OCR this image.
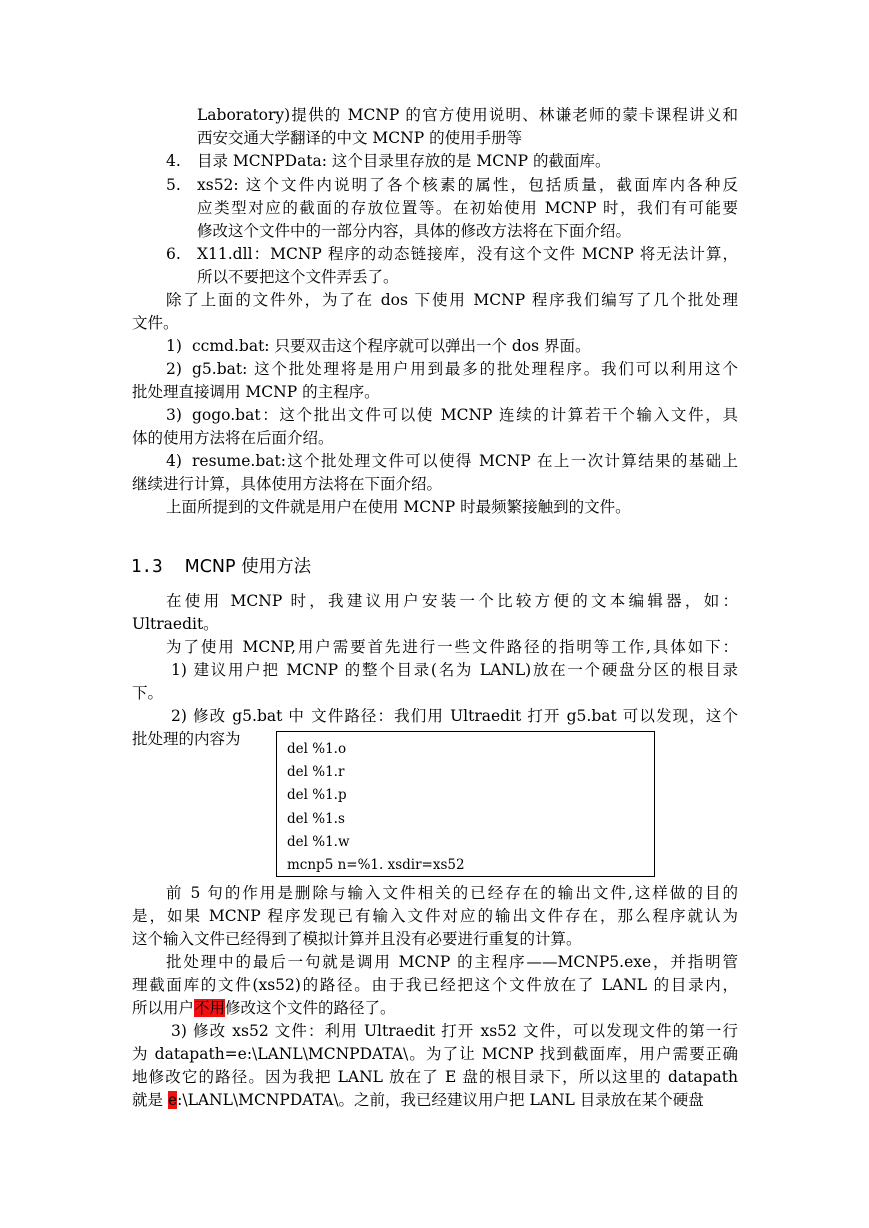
Laboratory)提供的 MCNP 的官方使用说明、林谦老师的蒙卡课程讲义和
西安交通大学翻译的中文 MCNP 的使用手册等
4. 目录 MCNPData: 这个目录里存放的是 MCNP 的截面库。
5. xs52: 这个文件内说明了各个核素的属性，包括质量，截面库内各种反
应类型对应的截面的存放位置等。在初始使用 MCNP 时，我们有可能要
修改这个文件中的一部分内容，具体的修改方法将在下面介绍。
6. X11.dll：MCNP 程序的动态链接库，没有这个文件 MCNP 将无法计算，
所以不要把这个文件弄丢了。
除了上面的文件外，为了在 dos 下使用 MCNP 程序我们编写了几个批处理
文件。
1) ccmd.bat: 只要双击这个程序就可以弹出一个 dos 界面。
2) g5.bat: 这个批处理将是用户用到最多的批处理程序。我们可以利用这个
批处理直接调用 MCNP 的主程序。
3) gogo.bat：这个批出文件可以使 MCNP 连续的计算若干个输入文件，具
体的使用方法将在后面介绍。
4) resume.bat:这个批处理文件可以使得 MCNP 在上一次计算结果的基础上
继续进行计算，具体使用方法将在下面介绍。
上面所提到的文件就是用户在使用 MCNP 时最频繁接触到的文件。
1.3 MCNP 使用方法
在使用 MCNP 时，我建议用户安装一个比较方便的文本编辑器，如：
Ultraedit。
为了使用 MCNP,用户需要首先进行一些文件路径的指明等工作,具体如下：
1) 建议用户把 MCNP 的整个目录(名为 LANL)放在一个硬盘分区的根目录
下。
2) 修改 g5.bat 中 文件路径：我们用 Ultraedit 打开 g5.bat 可以发现，这个
批处理的内容为
del %1.o
del %1.r
del %1.p
del %1.s
del %1.w
mcnp5 n=%1. xsdir=xs52
前 5 句的作用是删除与输入文件相关的已经存在的输出文件,这样做的目的
是，如果 MCNP 程序发现已有输入文件对应的输出文件存在，那么程序就认为
这个输入文件已经得到了模拟计算并且没有必要进行重复的计算。
批处理中的最后一句就是调用 MCNP 的主程序——MCNP5.exe，并指明管
理截面库的文件(xs52)的路径。由于我已经把这个文件放在了 LANL 的目录内，
所以用户不用修改这个文件的路径了。
3) 修改 xs52 文件：利用 Ultraedit 打开 xs52 文件，可以发现文件的第一行
为 datapath=e:\LANL\MCNPDATA\。为了让 MCNP 找到截面库，用户需要正确
地修改它的路径。因为我把 LANL 放在了 E 盘的根目录下，所以这里的 datapath
就是 e:\LANL\MCNPDATA\。之前，我已经建议用户把 LANL 目录放在某个硬盘
